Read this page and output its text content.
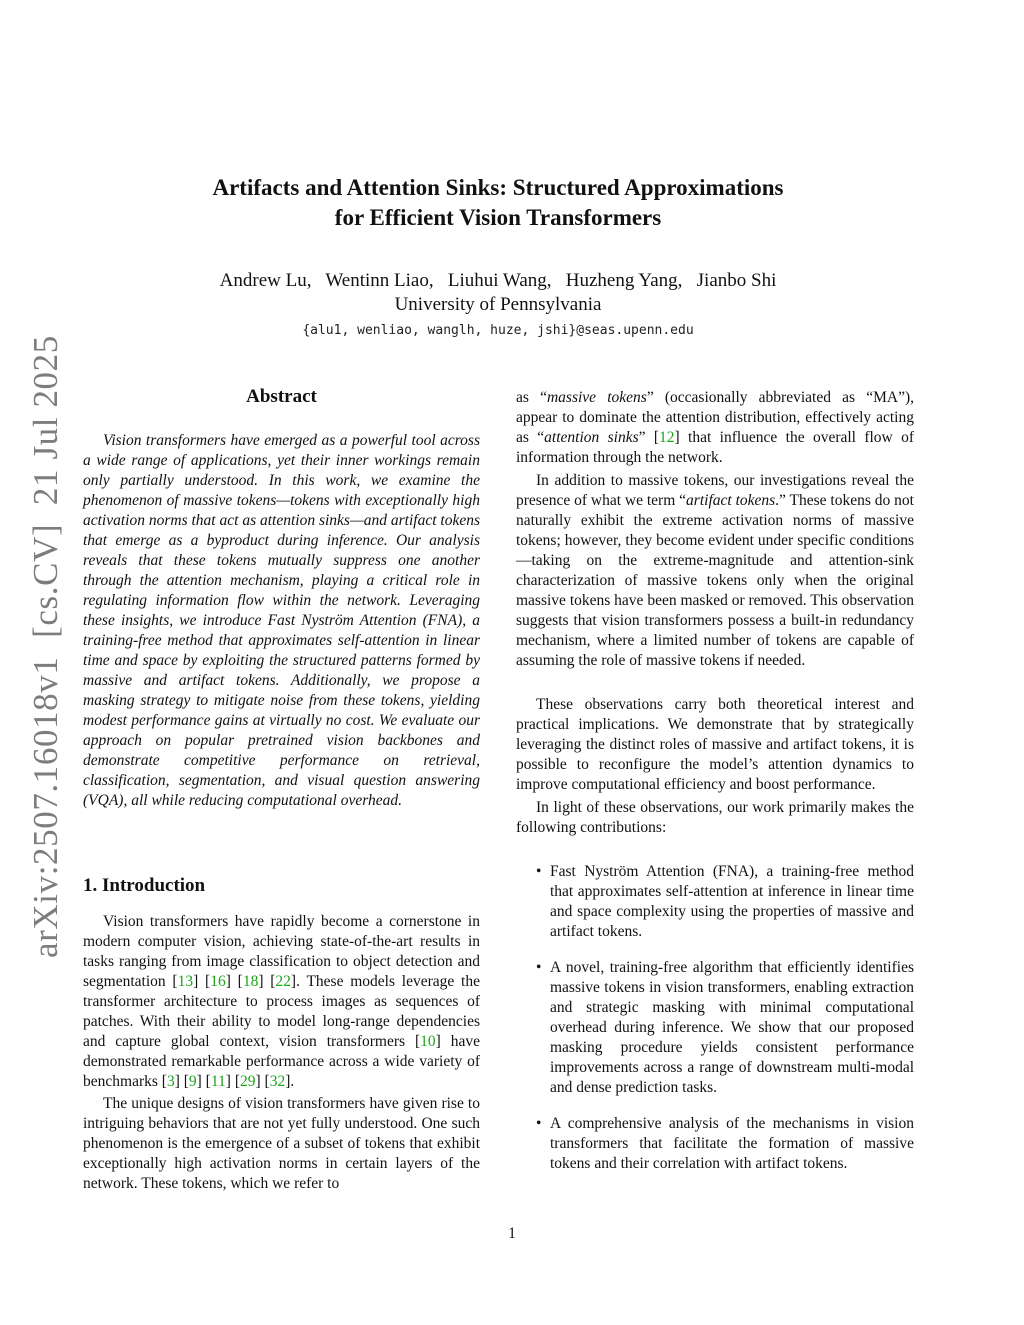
arXiv:2507.16018v1  [cs.CV]  21 Jul 2025
Artifacts and Attention Sinks: Structured Approximations
for Efficient Vision Transformers
Andrew Lu,   Wentinn Liao,   Liuhui Wang,   Huzheng Yang,   Jianbo Shi
University of Pennsylvania
{alu1, wenliao, wanglh, huze, jshi}@seas.upenn.edu
Abstract

Vision transformers have emerged as a powerful tool across a wide range of applications, yet their inner workings remain only partially understood. In this work, we examine the phenomenon of massive tokens—tokens with exceptionally high activation norms that act as attention sinks—and artifact tokens that emerge as a byproduct during inference. Our analysis reveals that these tokens mutually suppress one another through the attention mechanism, playing a critical role in regulating information flow within the network. Leveraging these insights, we introduce Fast Nyström Attention (FNA), a training-free method that approximates self-attention in linear time and space by exploiting the structured patterns formed by massive and artifact tokens. Additionally, we propose a masking strategy to mitigate noise from these tokens, yielding modest performance gains at virtually no cost. We evaluate our approach on popular pretrained vision backbones and demonstrate competitive performance on retrieval, classification, segmentation, and visual question answering (VQA), all while reducing computational overhead.

1. Introduction

Vision transformers have rapidly become a cornerstone in modern computer vision, achieving state-of-the-art results in tasks ranging from image classification to object detection and segmentation [13] [16] [18] [22]. These models leverage the transformer architecture to process images as sequences of patches. With their ability to model long-range dependencies and capture global context, vision transformers [10] have demonstrated remarkable performance across a wide variety of benchmarks [3] [9] [11] [29] [32].

The unique designs of vision transformers have given rise to intriguing behaviors that are not yet fully understood. One such phenomenon is the emergence of a subset of tokens that exhibit exceptionally high activation norms in certain layers of the network. These tokens, which we refer to

as “massive tokens” (occasionally abbreviated as “MA”), appear to dominate the attention distribution, effectively acting as “attention sinks” [12] that influence the overall flow of information through the network.

In addition to massive tokens, our investigations reveal the presence of what we term “artifact tokens.” These tokens do not naturally exhibit the extreme activation norms of massive tokens; however, they become evident under specific conditions—taking on the extreme-magnitude and attention-sink characterization of massive tokens only when the original massive tokens have been masked or removed. This observation suggests that vision transformers possess a built-in redundancy mechanism, where a limited number of tokens are capable of assuming the role of massive tokens if needed.

These observations carry both theoretical interest and practical implications. We demonstrate that by strategically leveraging the distinct roles of massive and artifact tokens, it is possible to reconfigure the model’s attention dynamics to improve computational efficiency and boost performance.

In light of these observations, our work primarily makes the following contributions:

• Fast Nyström Attention (FNA), a training-free method that approximates self-attention at inference in linear time and space complexity using the properties of massive and artifact tokens.
• A novel, training-free algorithm that efficiently identifies massive tokens in vision transformers, enabling extraction and strategic masking with minimal computational overhead during inference. We show that our proposed masking procedure yields consistent performance improvements across a range of downstream multi-modal and dense prediction tasks.
• A comprehensive analysis of the mechanisms in vision transformers that facilitate the formation of massive tokens and their correlation with artifact tokens.
1
